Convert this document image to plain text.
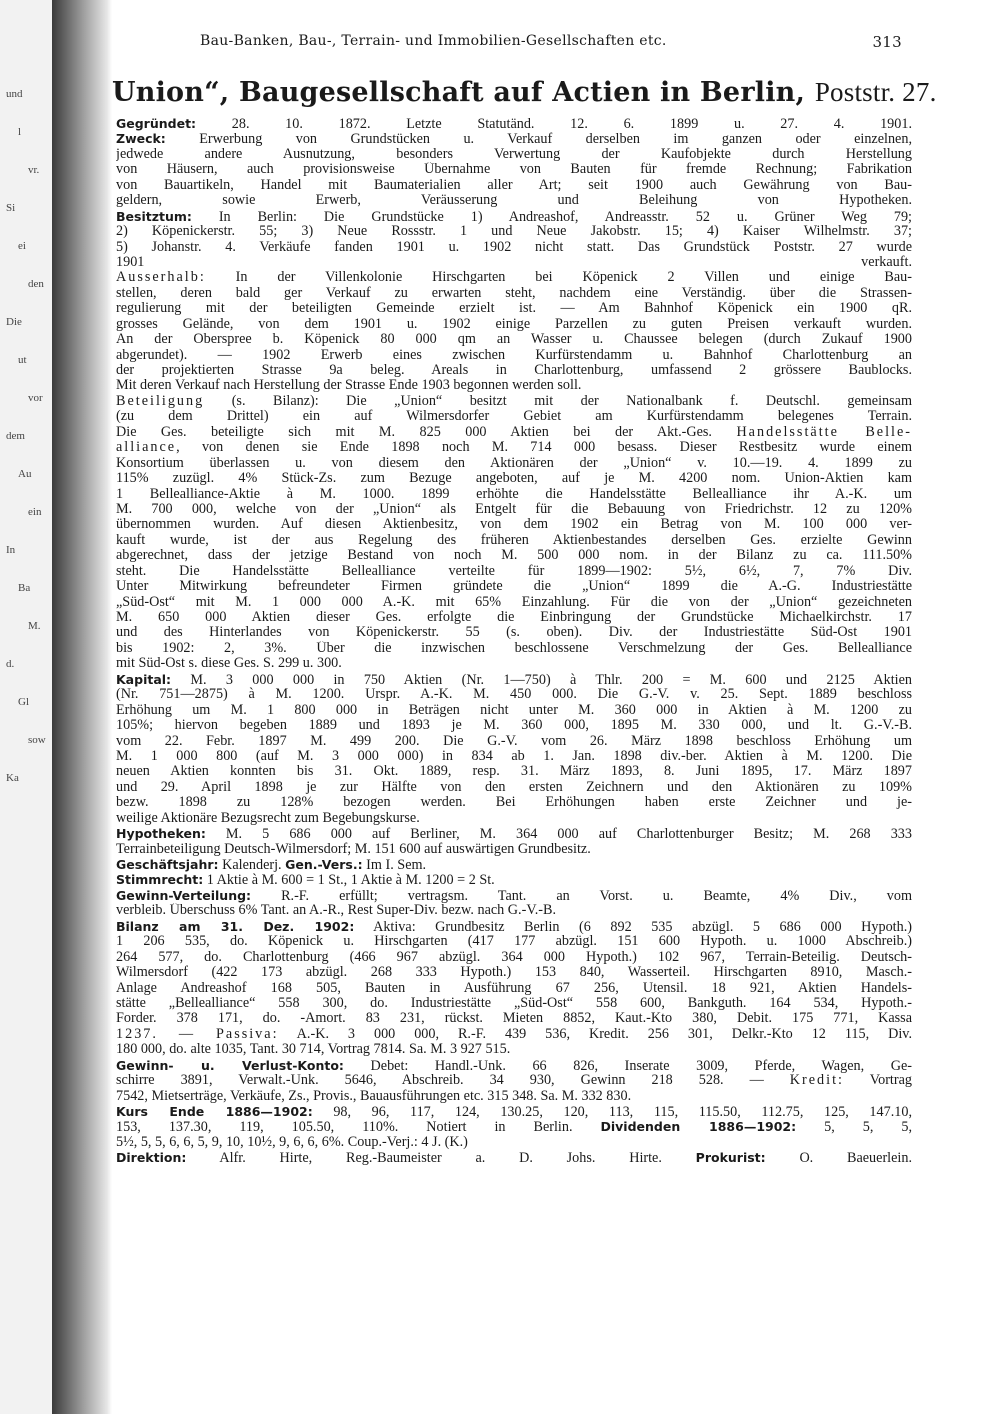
und
l
vr.
Si
ei
den
Die
ut
vor
dem
Au
ein
In
Ba
M.
d.
Gl
sow
Ka
Bau-Banken, Bau-, Terrain- und Immobilien-Gesellschaften etc.	313
Union“, Baugesellschaft auf Actien in Berlin, Poststr. 27.
Gegründet: 28. 10. 1872. Letzte Statutänd. 12. 6. 1899 u. 27. 4. 1901.
Zweck: Erwerbung von Grundstücken u. Verkauf derselben im ganzen oder einzelnen,
jedwede andere Ausnutzung, besonders Verwertung der Kaufobjekte durch Herstellung
von Häusern, auch provisionsweise Übernahme von Bauten für fremde Rechnung; Fabrikation
von Bauartikeln, Handel mit Baumaterialien aller Art; seit 1900 auch Gewährung von Bau-
geldern, sowie Erwerb, Veräusserung und Beleihung von Hypotheken.
Besitztum: In Berlin: Die Grundstücke 1) Andreashof, Andreasstr. 52 u. Grüner Weg 79;
2) Köpenickerstr. 55; 3) Neue Rossstr. 1 und Neue Jakobstr. 15; 4) Kaiser Wilhelmstr. 37;
5) Johanstr. 4. Verkäufe fanden 1901 u. 1902 nicht statt. Das Grundstück Poststr. 27 wurde
1901 verkauft.
Ausserhalb: In der Villenkolonie Hirschgarten bei Köpenick 2 Villen und einige Bau-
stellen, deren bald ger Verkauf zu erwarten steht, nachdem eine Verständig. über die Strassen-
regulierung mit der beteiligten Gemeinde erzielt ist. — Am Bahnhof Köpenick ein 1900 qR.
grosses Gelände, von dem 1901 u. 1902 einige Parzellen zu guten Preisen verkauft wurden.
An der Oberspree b. Köpenick 80 000 qm an Wasser u. Chaussee belegen (durch Zukauf 1900
abgerundet). — 1902 Erwerb eines zwischen Kurfürstendamm u. Bahnhof Charlottenburg an
der projektierten Strasse 9a beleg. Areals in Charlottenburg, umfassend 2 grössere Baublocks.
Mit deren Verkauf nach Herstellung der Strasse Ende 1903 begonnen werden soll.
Beteiligung (s. Bilanz): Die „Union“ besitzt mit der Nationalbank f. Deutschl. gemeinsam
(zu dem Drittel) ein auf Wilmersdorfer Gebiet am Kurfürstendamm belegenes Terrain.
Die Ges. beteiligte sich mit M. 825 000 Aktien bei der Akt.-Ges. Handelsstätte Belle-
alliance, von denen sie Ende 1898 noch M. 714 000 besass. Dieser Restbesitz wurde einem
Konsortium überlassen u. von diesem den Aktionären der „Union“ v. 10.—19. 4. 1899 zu
115% zuzügl. 4% Stück-Zs. zum Bezuge angeboten, auf je M. 4200 nom. Union-Aktien kam
1 Bellealliance-Aktie à M. 1000. 1899 erhöhte die Handelsstätte Bellealliance ihr A.-K. um
M. 700 000, welche von der „Union“ als Entgelt für die Bebauung von Friedrichstr. 12 zu 120%
übernommen wurden. Auf diesen Aktienbesitz, von dem 1902 ein Betrag von M. 100 000 ver-
kauft wurde, ist der aus Regelung des früheren Aktienbestandes derselben Ges. erzielte Gewinn
abgerechnet, dass der jetzige Bestand von noch M. 500 000 nom. in der Bilanz zu ca. 111.50%
steht. Die Handelsstätte Bellealliance verteilte für 1899—1902: 5½, 6½, 7, 7% Div.
Unter Mitwirkung befreundeter Firmen gründete die „Union“ 1899 die A.-G. Industriestätte
„Süd-Ost“ mit M. 1 000 000 A.-K. mit 65% Einzahlung. Für die von der „Union“ gezeichneten
M. 650 000 Aktien dieser Ges. erfolgte die Einbringung der Grundstücke Michaelkirchstr. 17
und des Hinterlandes von Köpenickerstr. 55 (s. oben). Div. der Industriestätte Süd-Ost 1901
bis 1902: 2, 3%. Über die inzwischen beschlossene Verschmelzung der Ges. Bellealliance
mit Süd-Ost s. diese Ges. S. 299 u. 300.
Kapital: M. 3 000 000 in 750 Aktien (Nr. 1—750) à Thlr. 200 = M. 600 und 2125 Aktien
(Nr. 751—2875) à M. 1200. Urspr. A.-K. M. 450 000. Die G.-V. v. 25. Sept. 1889 beschloss
Erhöhung um M. 1 800 000 in Beträgen nicht unter M. 360 000 in Aktien à M. 1200 zu
105%; hiervon begeben 1889 und 1893 je M. 360 000, 1895 M. 330 000, und lt. G.-V.-B.
vom 22. Febr. 1897 M. 499 200. Die G.-V. vom 26. März 1898 beschloss Erhöhung um
M. 1 000 800 (auf M. 3 000 000) in 834 ab 1. Jan. 1898 div.-ber. Aktien à M. 1200. Die
neuen Aktien konnten bis 31. Okt. 1889, resp. 31. März 1893, 8. Juni 1895, 17. März 1897
und 29. April 1898 je zur Hälfte von den ersten Zeichnern und den Aktionären zu 109%
bezw. 1898 zu 128% bezogen werden. Bei Erhöhungen haben erste Zeichner und je-
weilige Aktionäre Bezugsrecht zum Begebungskurse.
Hypotheken: M. 5 686 000 auf Berliner, M. 364 000 auf Charlottenburger Besitz; M. 268 333
Terrainbeteiligung Deutsch-Wilmersdorf; M. 151 600 auf auswärtigen Grundbesitz.
Geschäftsjahr: Kalenderj. Gen.-Vers.: Im I. Sem.
Stimmrecht: 1 Aktie à M. 600 = 1 St., 1 Aktie à M. 1200 = 2 St.
Gewinn-Verteilung: R.-F. erfüllt; vertragsm. Tant. an Vorst. u. Beamte, 4% Div., vom
verbleib. Überschuss 6% Tant. an A.-R., Rest Super-Div. bezw. nach G.-V.-B.
Bilanz am 31. Dez. 1902: Aktiva: Grundbesitz Berlin (6 892 535 abzügl. 5 686 000 Hypoth.)
1 206 535, do. Köpenick u. Hirschgarten (417 177 abzügl. 151 600 Hypoth. u. 1000 Abschreib.)
264 577, do. Charlottenburg (466 967 abzügl. 364 000 Hypoth.) 102 967, Terrain-Beteilig. Deutsch-
Wilmersdorf (422 173 abzügl. 268 333 Hypoth.) 153 840, Wasserteil. Hirschgarten 8910, Masch.-
Anlage Andreashof 168 505, Bauten in Ausführung 67 256, Utensil. 18 921, Aktien Handels-
stätte „Bellealliance“ 558 300, do. Industriestätte „Süd-Ost“ 558 600, Bankguth. 164 534, Hypoth.-
Forder. 378 171, do. -Amort. 83 231, rückst. Mieten 8852, Kaut.-Kto 380, Debit. 175 771, Kassa
1237. — Passiva: A.-K. 3 000 000, R.-F. 439 536, Kredit. 256 301, Delkr.-Kto 12 115, Div.
180 000, do. alte 1035, Tant. 30 714, Vortrag 7814. Sa. M. 3 927 515.
Gewinn- u. Verlust-Konto: Debet: Handl.-Unk. 66 826, Inserate 3009, Pferde, Wagen, Ge-
schirre 3891, Verwalt.-Unk. 5646, Abschreib. 34 930, Gewinn 218 528. — Kredit: Vortrag
7542, Mietserträge, Verkäufe, Zs., Provis., Bauausführungen etc. 315 348. Sa. M. 332 830.
Kurs Ende 1886—1902: 98, 96, 117, 124, 130.25, 120, 113, 115, 115.50, 112.75, 125, 147.10,
153, 137.30, 119, 105.50, 110%. Notiert in Berlin. Dividenden 1886—1902: 5, 5, 5,
5½, 5, 5, 6, 6, 5, 9, 10, 10½, 9, 6, 6, 6%. Coup.-Verj.: 4 J. (K.)
Direktion: Alfr. Hirte, Reg.-Baumeister a. D. Johs. Hirte. Prokurist: O. Baeuerlein.
